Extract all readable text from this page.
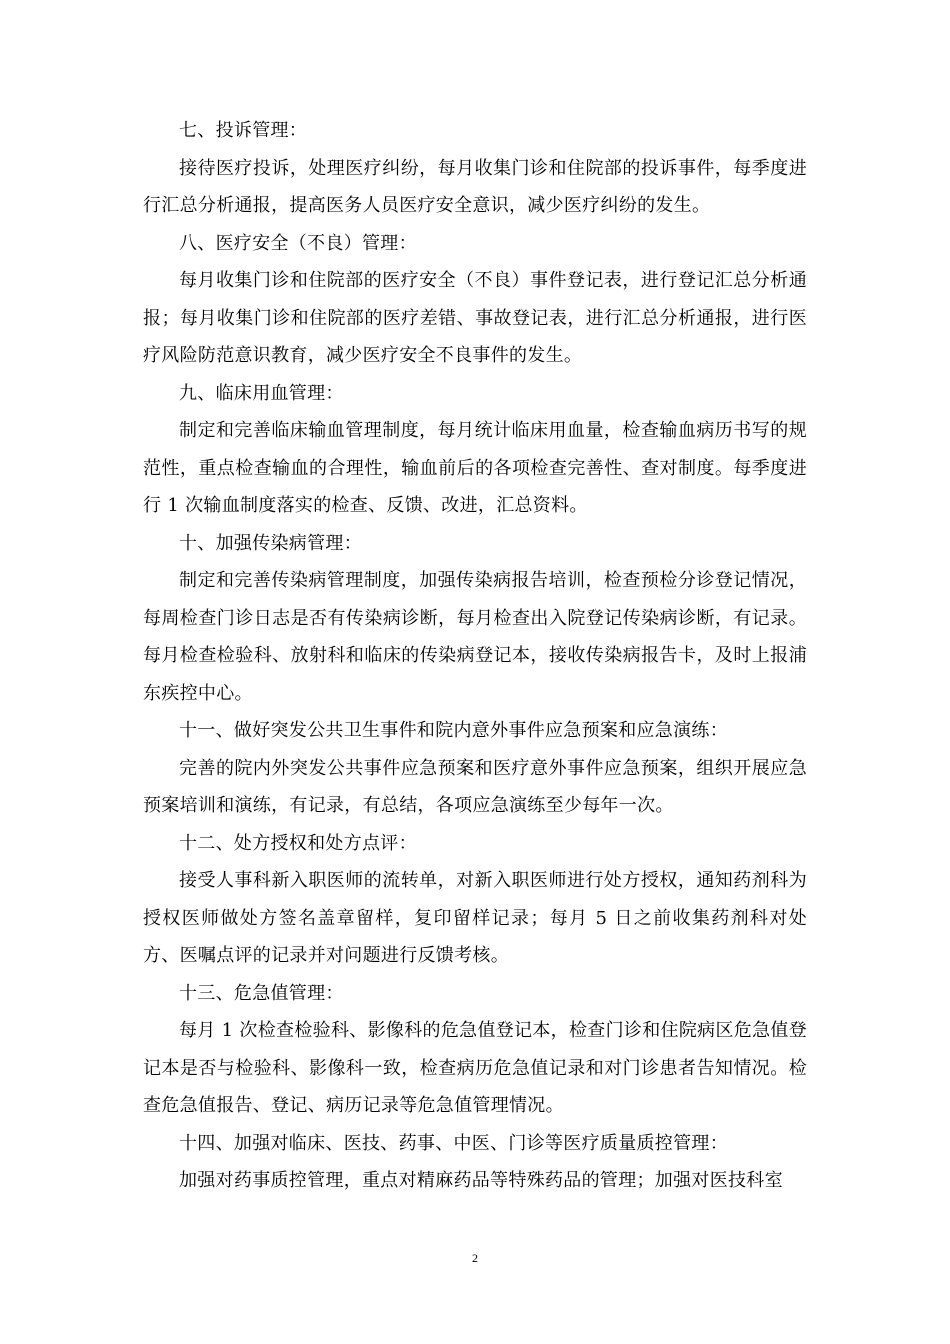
七、投诉管理：

接待医疗投诉，处理医疗纠纷，每月收集门诊和住院部的投诉事件，每季度进行汇总分析通报，提高医务人员医疗安全意识，减少医疗纠纷的发生。

八、医疗安全（不良）管理：

每月收集门诊和住院部的医疗安全（不良）事件登记表，进行登记汇总分析通报；每月收集门诊和住院部的医疗差错、事故登记表，进行汇总分析通报，进行医疗风险防范意识教育，减少医疗安全不良事件的发生。

九、临床用血管理：

制定和完善临床输血管理制度，每月统计临床用血量，检查输血病历书写的规范性，重点检查输血的合理性，输血前后的各项检查完善性、查对制度。每季度进行 1 次输血制度落实的检查、反馈、改进，汇总资料。

十、加强传染病管理：

制定和完善传染病管理制度，加强传染病报告培训，检查预检分诊登记情况，每周检查门诊日志是否有传染病诊断，每月检查出入院登记传染病诊断，有记录。每月检查检验科、放射科和临床的传染病登记本，接收传染病报告卡，及时上报浦东疾控中心。

十一、做好突发公共卫生事件和院内意外事件应急预案和应急演练：

完善的院内外突发公共事件应急预案和医疗意外事件应急预案，组织开展应急预案培训和演练，有记录，有总结，各项应急演练至少每年一次。

十二、处方授权和处方点评：

接受人事科新入职医师的流转单，对新入职医师进行处方授权，通知药剂科为授权医师做处方签名盖章留样，复印留样记录；每月 5 日之前收集药剂科对处方、医嘱点评的记录并对问题进行反馈考核。

十三、危急值管理：

每月 1 次检查检验科、影像科的危急值登记本，检查门诊和住院病区危急值登记本是否与检验科、影像科一致，检查病历危急值记录和对门诊患者告知情况。检查危急值报告、登记、病历记录等危急值管理情况。

十四、加强对临床、医技、药事、中医、门诊等医疗质量质控管理：

加强对药事质控管理，重点对精麻药品等特殊药品的管理；加强对医技科室

2
